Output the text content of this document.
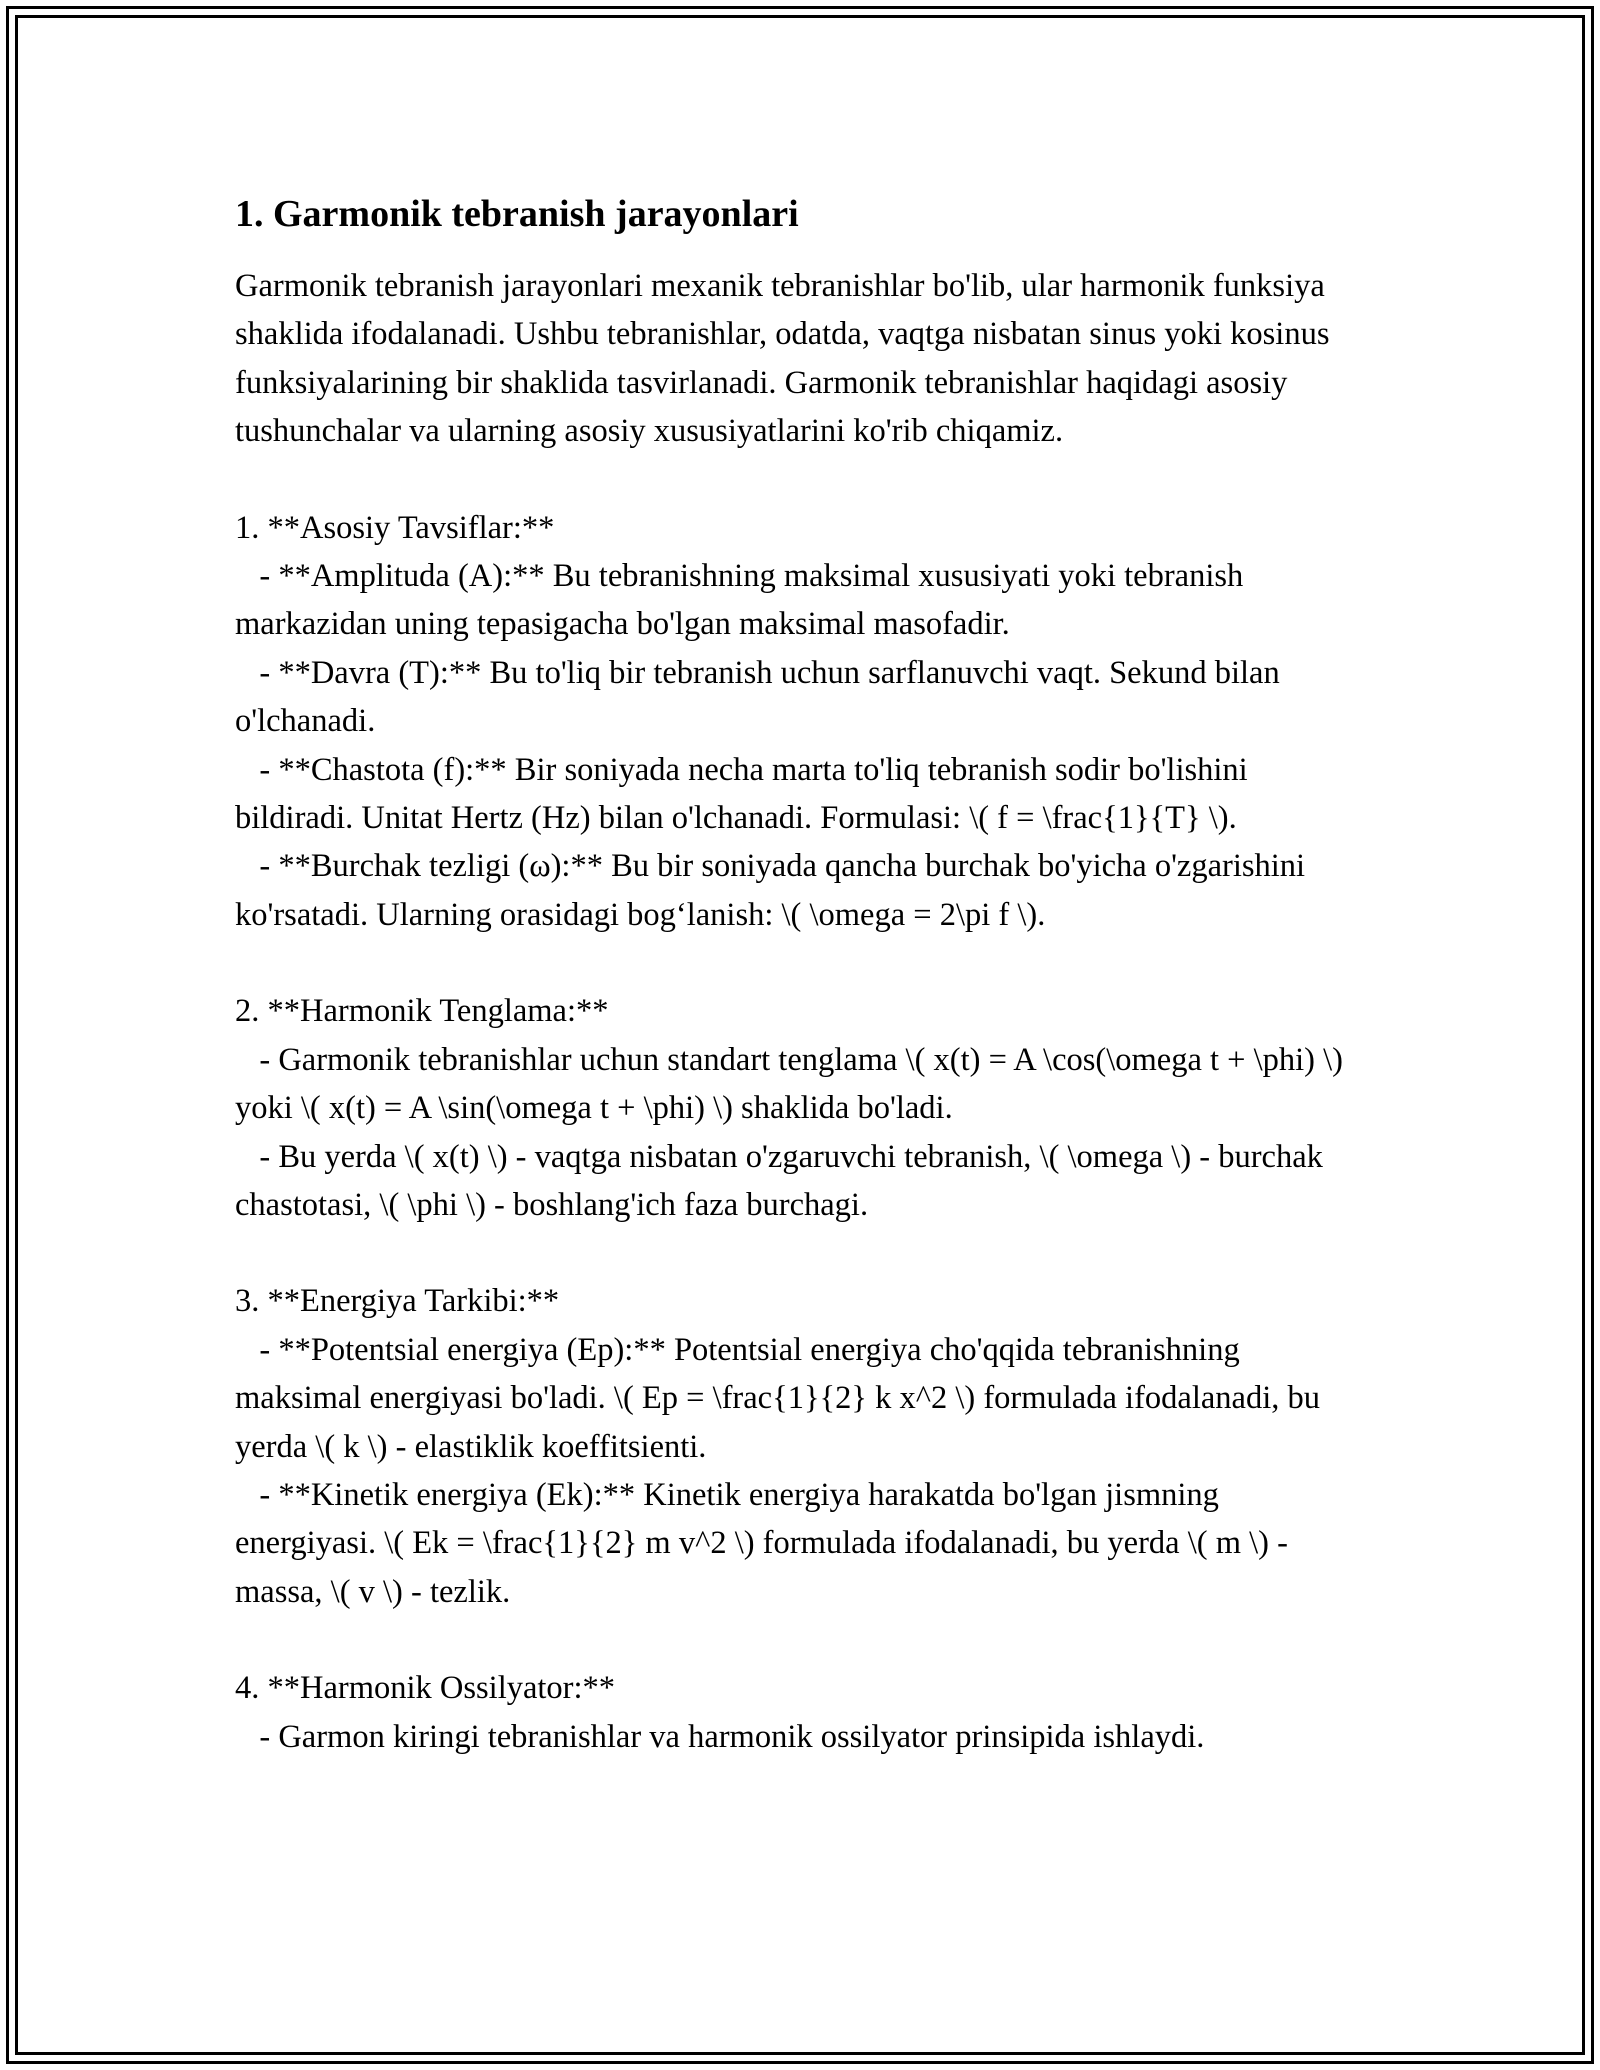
1. Garmonik tebranish jarayonlari

Garmonik tebranish jarayonlari mexanik tebranishlar bo'lib, ular harmonik funksiya shaklida ifodalanadi. Ushbu tebranishlar, odatda, vaqtga nisbatan sinus yoki kosinus funksiyalarining bir shaklida tasvirlanadi. Garmonik tebranishlar haqidagi asosiy tushunchalar va ularning asosiy xususiyatlarini ko'rib chiqamiz.

1. **Asosiy Tavsiflar:**
- **Amplituda (A):** Bu tebranishning maksimal xususiyati yoki tebranish markazidan uning tepasigacha bo'lgan maksimal masofadir.
- **Davra (T):** Bu to'liq bir tebranish uchun sarflanuvchi vaqt. Sekund bilan o'lchanadi.
- **Chastota (f):** Bir soniyada necha marta to'liq tebranish sodir bo'lishini bildiradi. Unitat Hertz (Hz) bilan o'lchanadi. Formulasi: \( f = \frac{1}{T} \).
- **Burchak tezligi (ω):** Bu bir soniyada qancha burchak bo'yicha o'zgarishini ko'rsatadi. Ularning orasidagi bog‘lanish: \( \omega = 2\pi f \).

2. **Harmonik Tenglama:**
- Garmonik tebranishlar uchun standart tenglama \( x(t) = A \cos(\omega t + \phi) \) yoki \( x(t) = A \sin(\omega t + \phi) \) shaklida bo'ladi.
- Bu yerda \( x(t) \) - vaqtga nisbatan o'zgaruvchi tebranish, \( \omega \) - burchak chastotasi, \( \phi \) - boshlang'ich faza burchagi.

3. **Energiya Tarkibi:**
- **Potentsial energiya (Ep):** Potentsial energiya cho'qqida tebranishning maksimal energiyasi bo'ladi. \( Ep = \frac{1}{2} k x^2 \) formulada ifodalanadi, bu yerda \( k \) - elastiklik koeffitsienti.
- **Kinetik energiya (Ek):** Kinetik energiya harakatda bo'lgan jismning energiyasi. \( Ek = \frac{1}{2} m v^2 \) formulada ifodalanadi, bu yerda \( m \) - massa, \( v \) - tezlik.

4. **Harmonik Ossilyator:**
- Garmon kiringi tebranishlar va harmonik ossilyator prinsipida ishlaydi.
